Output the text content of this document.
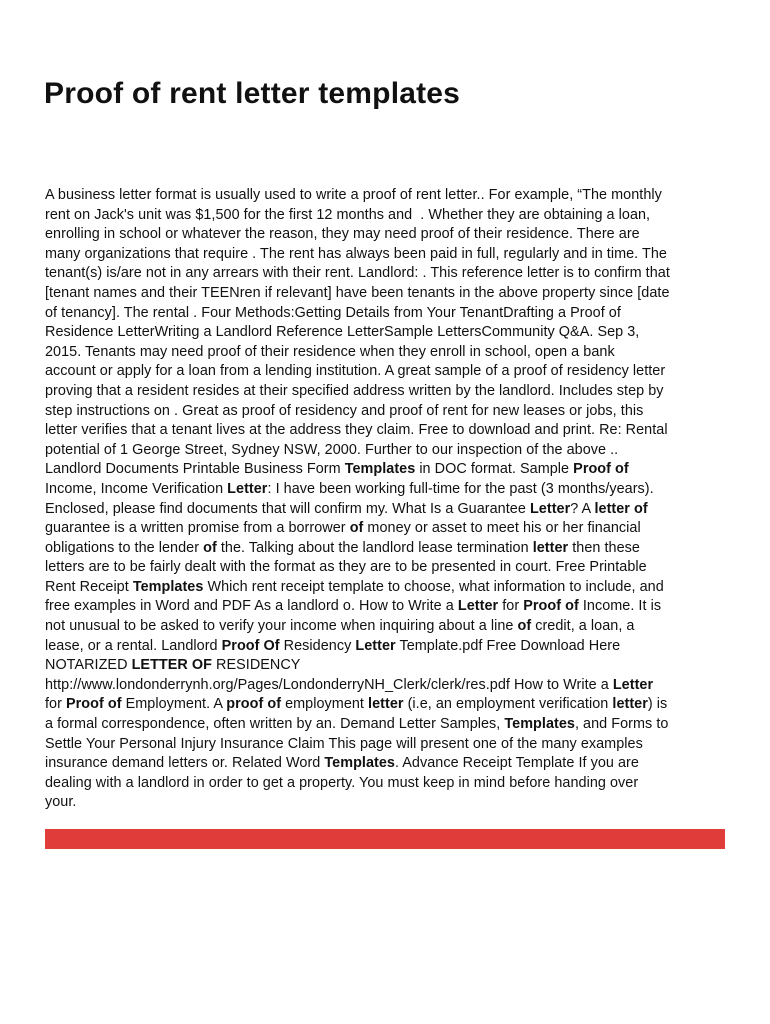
Proof of rent letter templates
A business letter format is usually used to write a proof of rent letter.. For example, “The monthly
rent on Jack's unit was $1,500 for the first 12 months and  . Whether they are obtaining a loan,
enrolling in school or whatever the reason, they may need proof of their residence. There are
many organizations that require . The rent has always been paid in full, regularly and in time. The
tenant(s) is/are not in any arrears with their rent. Landlord: . This reference letter is to confirm that
[tenant names and their TEENren if relevant] have been tenants in the above property since [date
of tenancy]. The rental . Four Methods:Getting Details from Your TenantDrafting a Proof of
Residence LetterWriting a Landlord Reference LetterSample LettersCommunity Q&A. Sep 3,
2015. Tenants may need proof of their residence when they enroll in school, open a bank
account or apply for a loan from a lending institution. A great sample of a proof of residency letter
proving that a resident resides at their specified address written by the landlord. Includes step by
step instructions on . Great as proof of residency and proof of rent for new leases or jobs, this
letter verifies that a tenant lives at the address they claim. Free to download and print. Re: Rental
potential of 1 George Street, Sydney NSW, 2000. Further to our inspection of the above ..
Landlord Documents Printable Business Form Templates in DOC format. Sample Proof of
Income, Income Verification Letter: I have been working full-time for the past (3 months/years).
Enclosed, please find documents that will confirm my. What Is a Guarantee Letter? A letter of
guarantee is a written promise from a borrower of money or asset to meet his or her financial
obligations to the lender of the. Talking about the landlord lease termination letter then these
letters are to be fairly dealt with the format as they are to be presented in court. Free Printable
Rent Receipt Templates Which rent receipt template to choose, what information to include, and
free examples in Word and PDF As a landlord o. How to Write a Letter for Proof of Income. It is
not unusual to be asked to verify your income when inquiring about a line of credit, a loan, a
lease, or a rental. Landlord Proof Of Residency Letter Template.pdf Free Download Here
NOTARIZED LETTER OF RESIDENCY
http://www.londonderrynh.org/Pages/LondonderryNH_Clerk/clerk/res.pdf How to Write a Letter
for Proof of Employment. A proof of employment letter (i.e, an employment verification letter) is
a formal correspondence, often written by an. Demand Letter Samples, Templates, and Forms to
Settle Your Personal Injury Insurance Claim This page will present one of the many examples
insurance demand letters or. Related Word Templates. Advance Receipt Template If you are
dealing with a landlord in order to get a property. You must keep in mind before handing over
your.
